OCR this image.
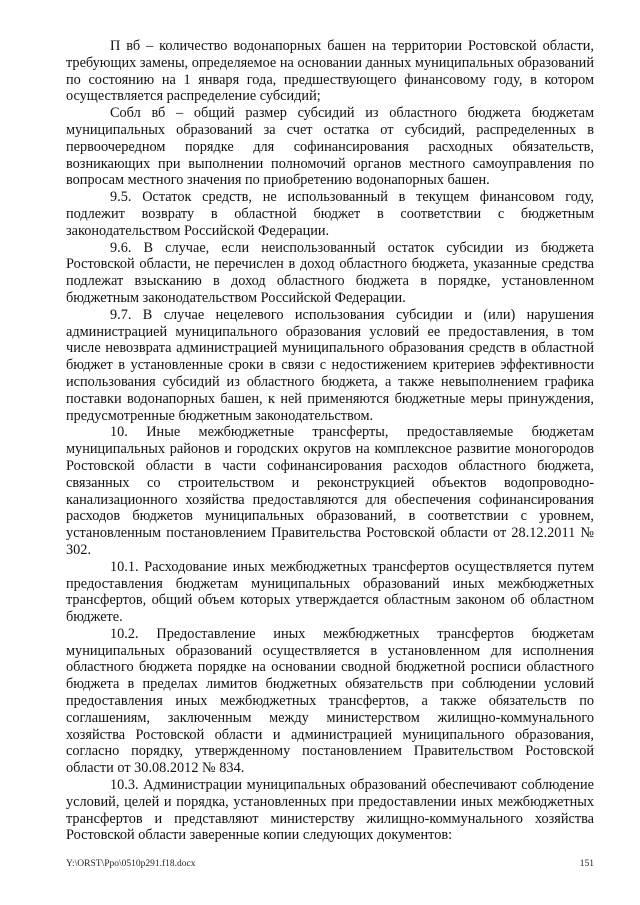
П вб – количество водонапорных башен на территории Ростовской области, требующих замены, определяемое на основании данных муниципальных образований по состоянию на 1 января года, предшествующего финансовому году, в котором осуществляется распределение субсидий;

Собл вб – общий размер субсидий из областного бюджета бюджетам муниципальных образований за счет остатка от субсидий, распределенных в первоочередном порядке для софинансирования расходных обязательств, возникающих при выполнении полномочий органов местного самоуправления по вопросам местного значения по приобретению водонапорных башен.

9.5. Остаток средств, не использованный в текущем финансовом году, подлежит возврату в областной бюджет в соответствии с бюджетным законодательством Российской Федерации.

9.6. В случае, если неиспользованный остаток субсидии из бюджета Ростовской области, не перечислен в доход областного бюджета, указанные средства подлежат взысканию в доход областного бюджета в порядке, установленном бюджетным законодательством Российской Федерации.

9.7. В случае нецелевого использования субсидии и (или) нарушения администрацией муниципального образования условий ее предоставления, в том числе невозврата администрацией муниципального образования средств в областной бюджет в установленные сроки в связи с недостижением критериев эффективности использования субсидий из областного бюджета, а также невыполнением графика поставки водонапорных башен, к ней применяются бюджетные меры принуждения, предусмотренные бюджетным законодательством.

10. Иные межбюджетные трансферты, предоставляемые бюджетам муниципальных районов и городских округов на комплексное развитие моногородов Ростовской области в части софинансирования расходов областного бюджета, связанных со строительством и реконструкцией объектов водопроводно-канализационного хозяйства предоставляются для обеспечения софинансирования расходов бюджетов муниципальных образований, в соответствии с уровнем, установленным постановлением Правительства Ростовской области от 28.12.2011 № 302.

10.1. Расходование иных межбюджетных трансфертов осуществляется путем предоставления бюджетам муниципальных образований иных межбюджетных трансфертов, общий объем которых утверждается областным законом об областном бюджете.

10.2. Предоставление иных межбюджетных трансфертов бюджетам муниципальных образований осуществляется в установленном для исполнения областного бюджета порядке на основании сводной бюджетной росписи областного бюджета в пределах лимитов бюджетных обязательств при соблюдении условий предоставления иных межбюджетных трансфертов, а также обязательств по соглашениям, заключенным между министерством жилищно-коммунального хозяйства Ростовской области и администрацией муниципального образования, согласно порядку, утвержденному постановлением Правительством Ростовской области от 30.08.2012 № 834.

10.3. Администрации муниципальных образований обеспечивают соблюдение условий, целей и порядка, установленных при предоставлении иных межбюджетных трансфертов и представляют министерству жилищно-коммунального хозяйства Ростовской области заверенные копии следующих документов:

Y:\ORST\Ppo\0510p291.f18.docx	151
